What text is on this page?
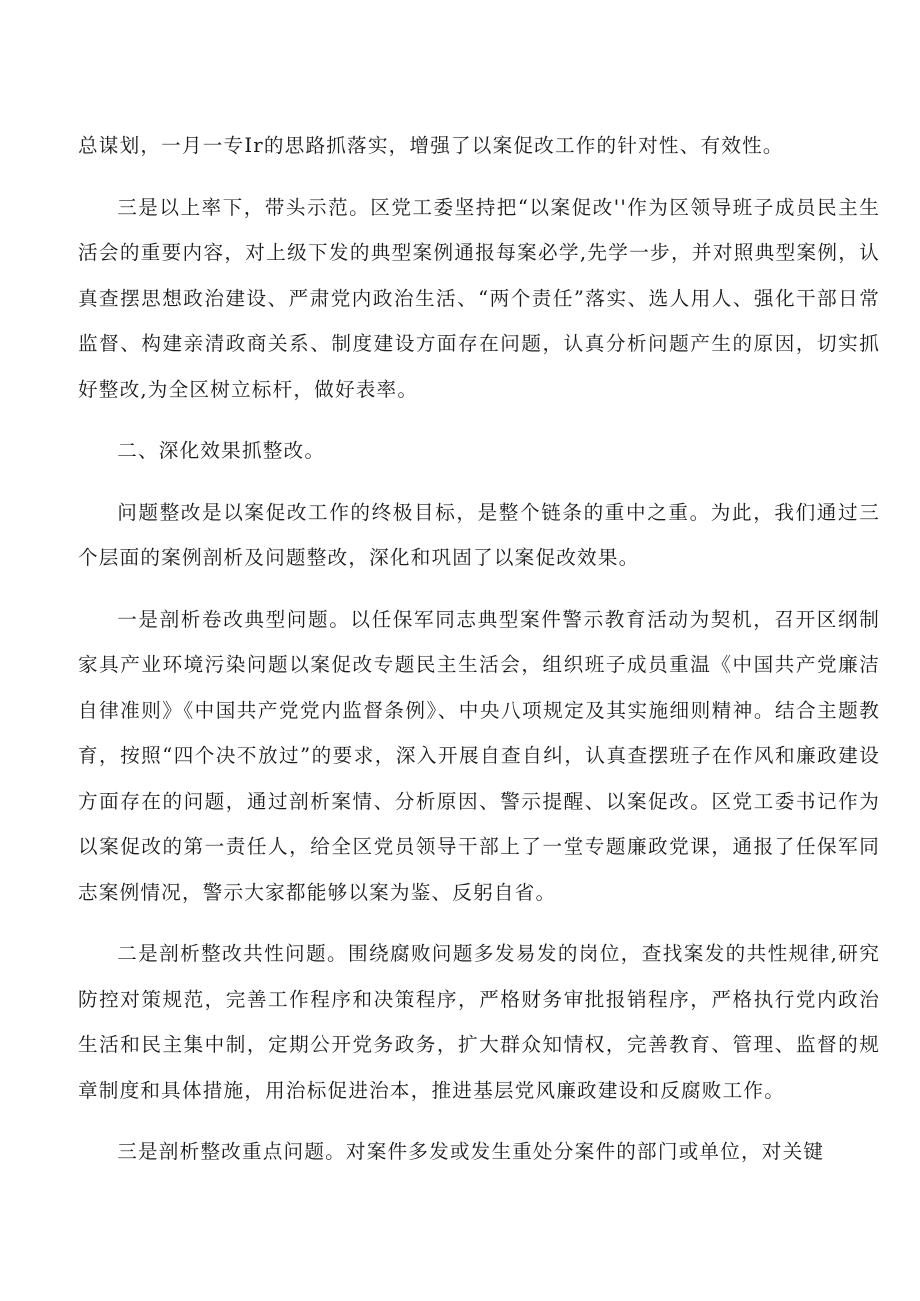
总谋划，一月一专Ir的思路抓落实，增强了以案促改工作的针对性、有效性。

三是以上率下，带头示范。区党工委坚持把“以案促改''作为区领导班子成员民主生活会的重要内容，对上级下发的典型案例通报每案必学,先学一步，并对照典型案例，认真查摆思想政治建设、严肃党内政治生活、“两个责任”落实、选人用人、强化干部日常监督、构建亲清政商关系、制度建设方面存在问题，认真分析问题产生的原因，切实抓好整改,为全区树立标杆，做好表率。

二、深化效果抓整改。

问题整改是以案促改工作的终极目标，是整个链条的重中之重。为此，我们通过三个层面的案例剖析及问题整改，深化和巩固了以案促改效果。

一是剖析卷改典型问题。以任保军同志典型案件警示教育活动为契机，召开区纲制家具产业环境污染问题以案促改专题民主生活会，组织班子成员重温《中国共产党廉洁自律准则》《中国共产党党内监督条例》、中央八项规定及其实施细则精神。结合主题教育，按照“四个决不放过”的要求，深入开展自查自纠，认真查摆班子在作风和廉政建设方面存在的问题，通过剖析案情、分析原因、警示提醒、以案促改。区党工委书记作为以案促改的第一责任人，给全区党员领导干部上了一堂专题廉政党课，通报了任保军同志案例情况，警示大家都能够以案为鉴、反躬自省。

二是剖析整改共性问题。围绕腐败问题多发易发的岗位，查找案发的共性规律,研究防控对策规范，完善工作程序和决策程序，严格财务审批报销程序，严格执行党内政治生活和民主集中制，定期公开党务政务，扩大群众知情权，完善教育、管理、监督的规章制度和具体措施，用治标促进治本，推进基层党风廉政建设和反腐败工作。

三是剖析整改重点问题。对案件多发或发生重处分案件的部门或单位，对关键
